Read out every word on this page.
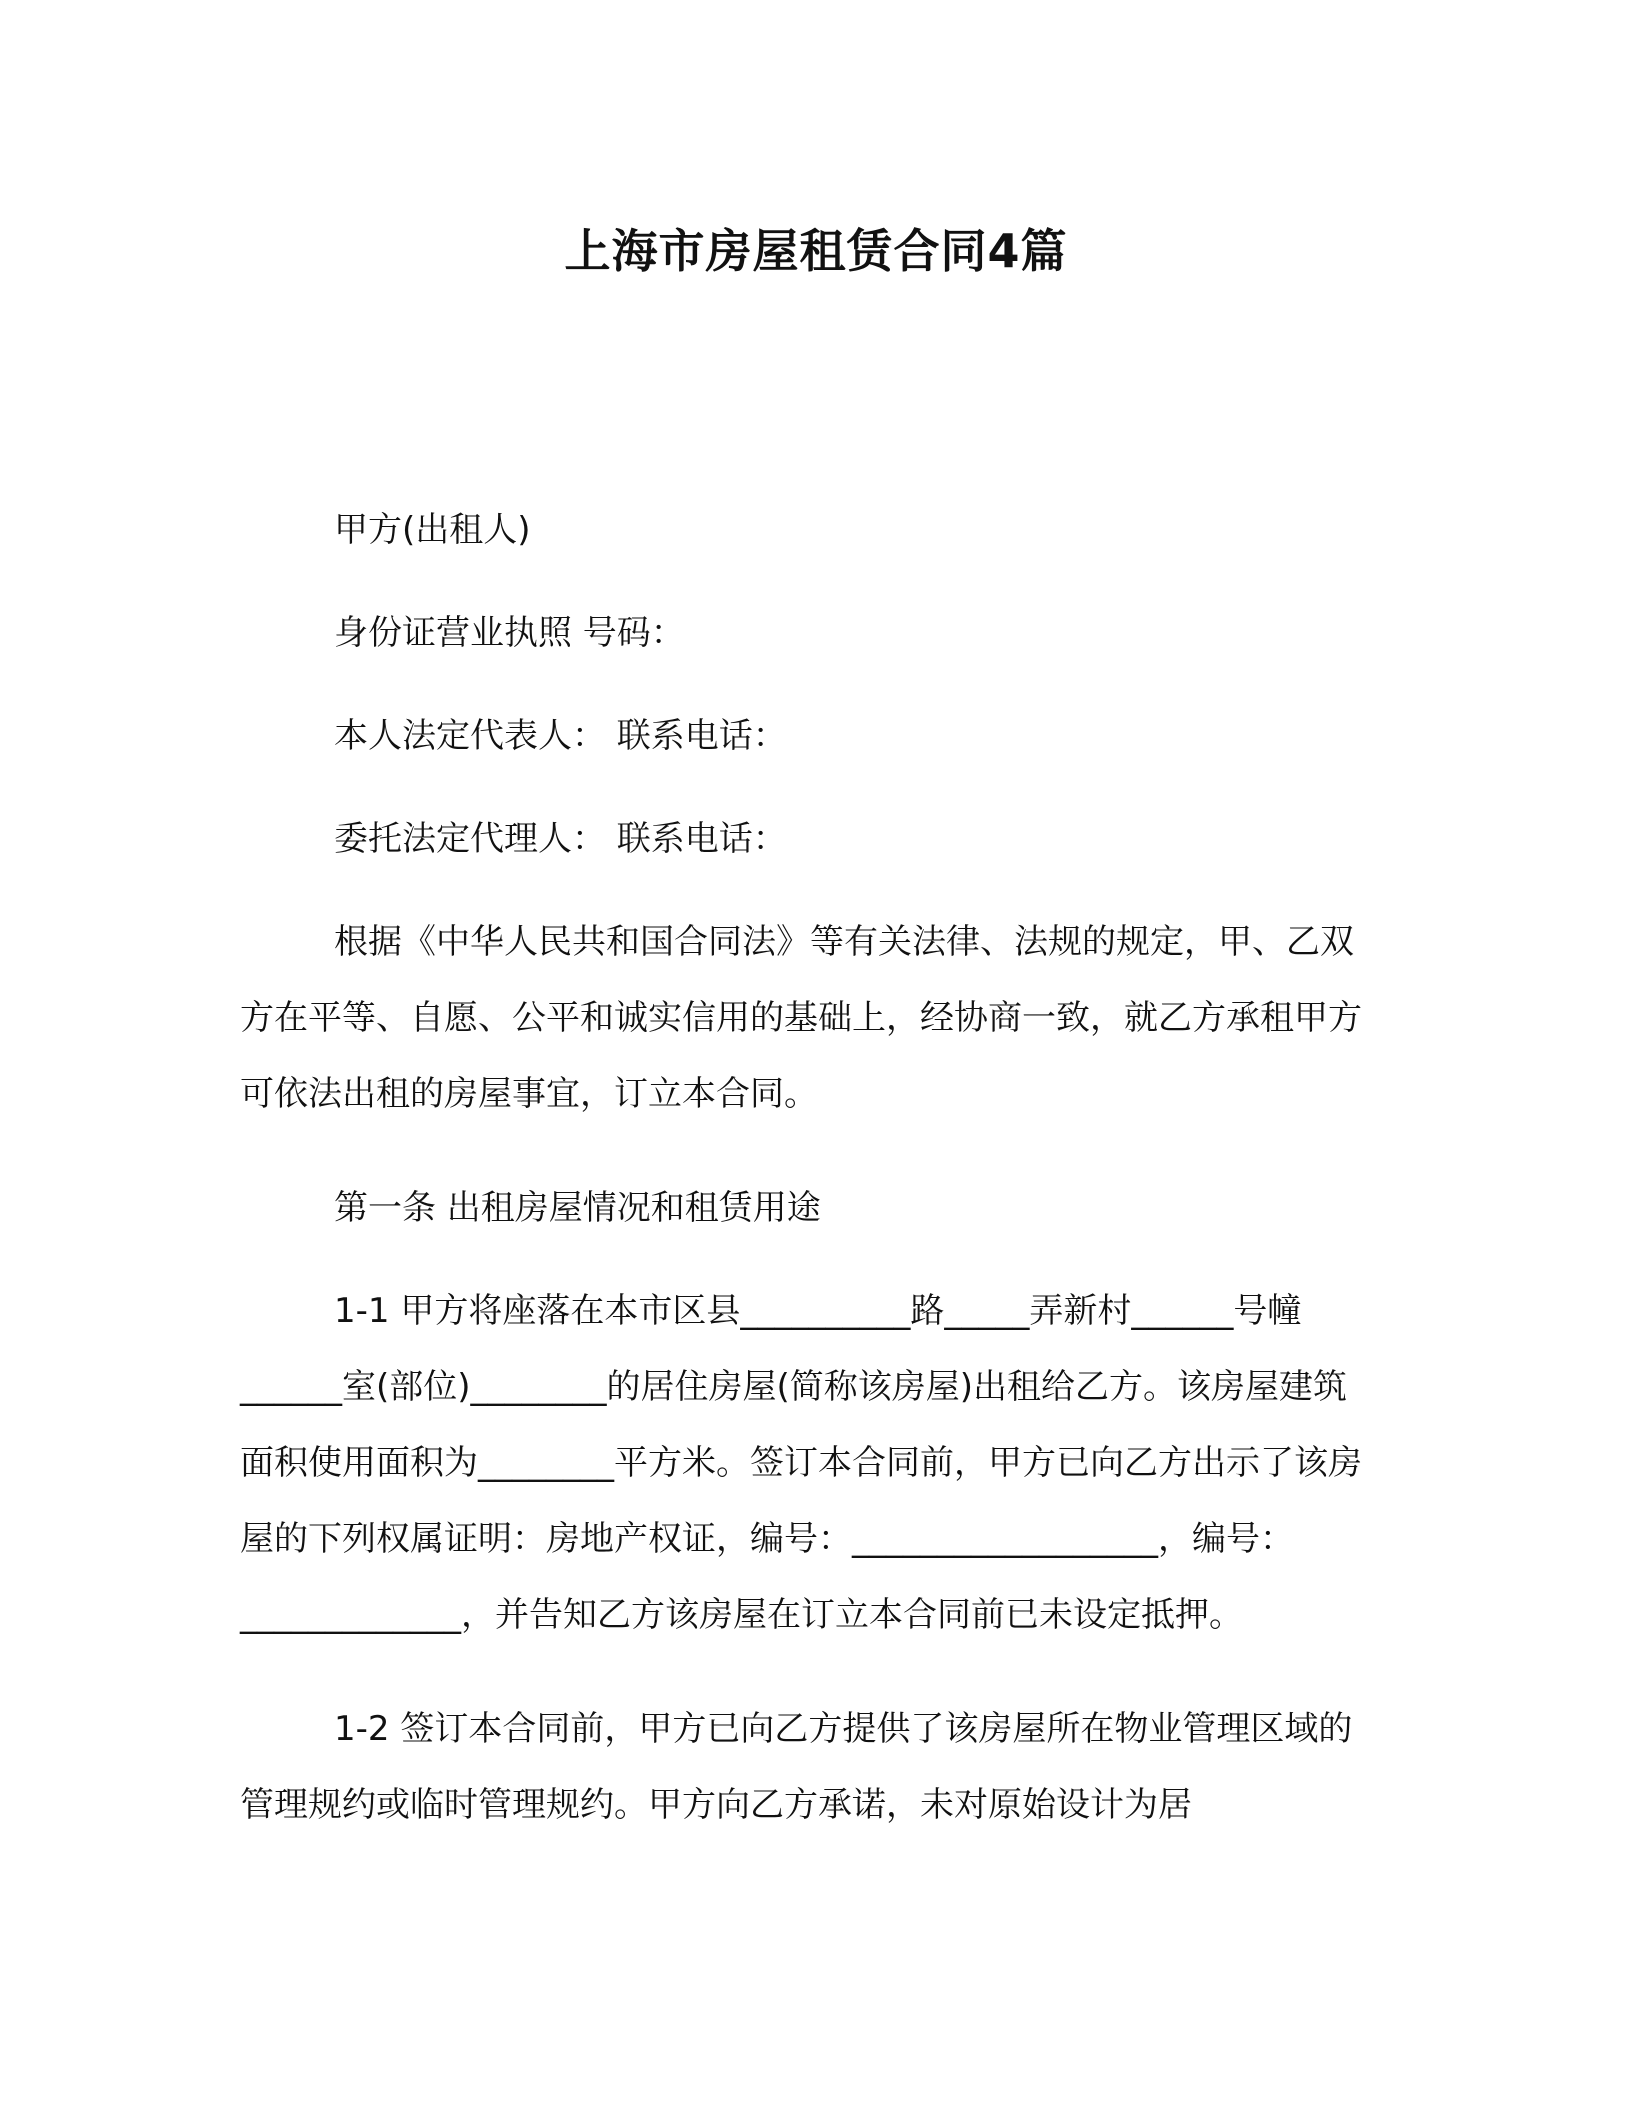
上海市房屋租赁合同4篇

甲方(出租人)

身份证营业执照 号码：

本人法定代表人： 联系电话：

委托法定代理人： 联系电话：

根据《中华人民共和国合同法》等有关法律、法规的规定，甲、乙双方在平等、自愿、公平和诚实信用的基础上，经协商一致，就乙方承租甲方可依法出租的房屋事宜，订立本合同。

第一条 出租房屋情况和租赁用途

1-1 甲方将座落在本市区县__________路_____弄新村______号幢______室(部位)________的居住房屋(简称该房屋)出租给乙方。该房屋建筑面积使用面积为________平方米。签订本合同前，甲方已向乙方出示了该房屋的下列权属证明：房地产权证，编号：__________________，编号：_____________，并告知乙方该房屋在订立本合同前已未设定抵押。

1-2 签订本合同前，甲方已向乙方提供了该房屋所在物业管理区域的管理规约或临时管理规约。甲方向乙方承诺，未对原始设计为居
